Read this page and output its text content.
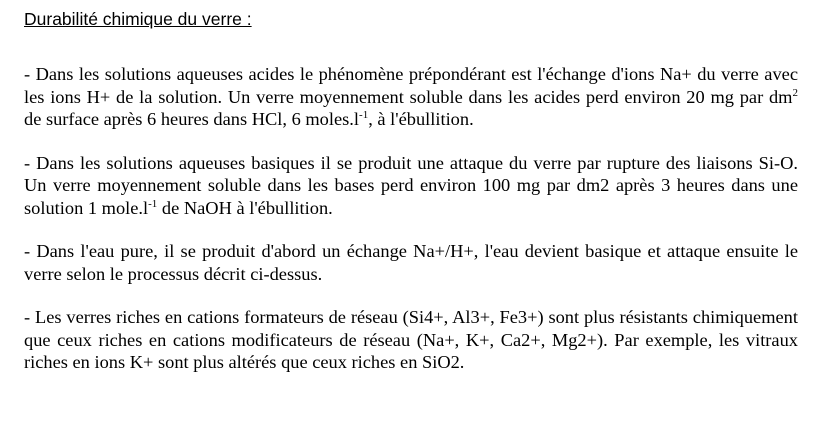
Durabilité chimique du verre :

- Dans les solutions aqueuses acides le phénomène prépondérant est l'échange d'ions Na+ du verre avec les ions H+ de la solution. Un verre moyennement soluble dans les acides perd environ 20 mg par $dm^2$ de surface après 6 heures dans HCl, 6 $moles.l^{-1}$, à l'ébullition.

- Dans les solutions aqueuses basiques il se produit une attaque du verre par rupture des liaisons Si-O. Un verre moyennement soluble dans les bases perd environ 100 mg par dm2 après 3 heures dans une solution 1 $mole.l^{-1}$ de NaOH à l'ébullition.

- Dans l'eau pure, il se produit d'abord un échange Na+/H+, l'eau devient basique et attaque ensuite le verre selon le processus décrit ci-dessus.

- Les verres riches en cations formateurs de réseau (Si4+, Al3+, Fe3+) sont plus résistants chimiquement que ceux riches en cations modificateurs de réseau (Na+, K+, Ca2+, Mg2+). Par exemple, les vitraux riches en ions K+ sont plus altérés que ceux riches en SiO2.
